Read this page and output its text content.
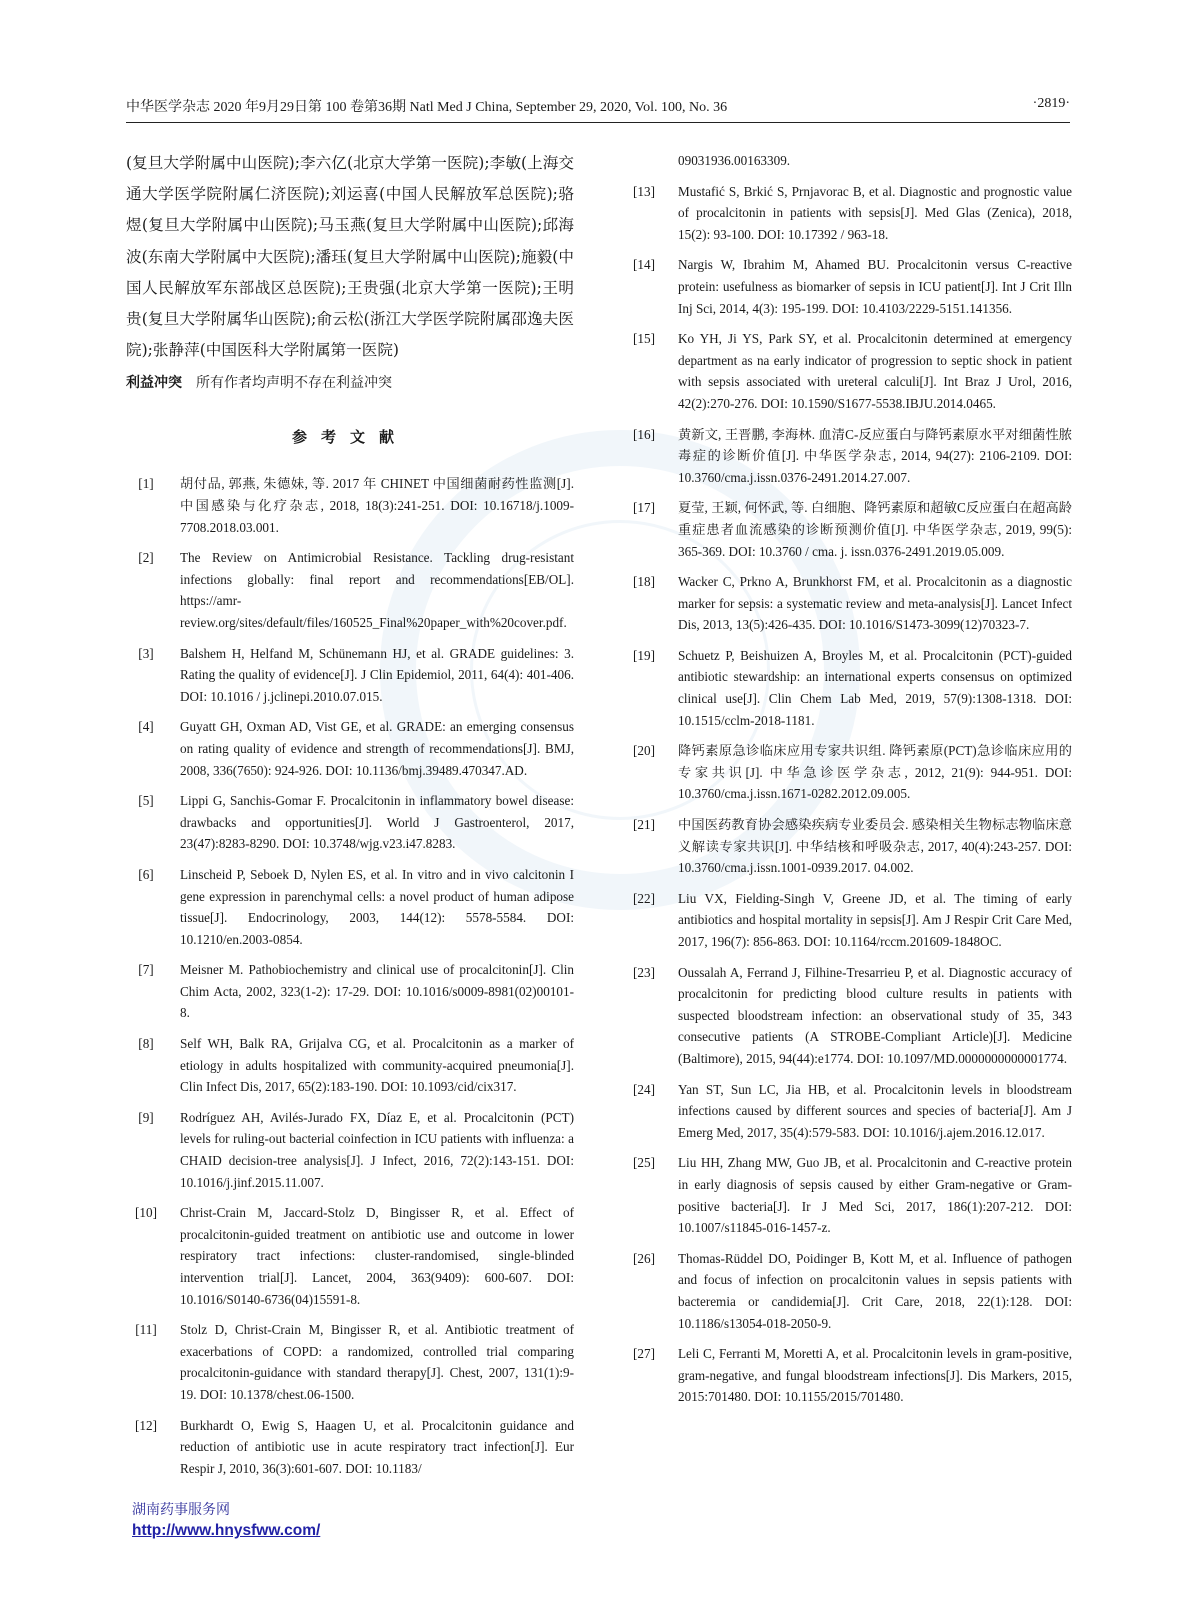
中华医学杂志 2020 年9月29日第 100 卷第36期 Natl Med J China, September 29, 2020, Vol. 100, No. 36	·2819·

(复旦大学附属中山医院);李六亿(北京大学第一医院);李敏(上海交通大学医学院附属仁济医院);刘运喜(中国人民解放军总医院);骆煜(复旦大学附属中山医院);马玉燕(复旦大学附属中山医院);邱海波(东南大学附属中大医院);潘珏(复旦大学附属中山医院);施毅(中国人民解放军东部战区总医院);王贵强(北京大学第一医院);王明贵(复旦大学附属华山医院);俞云松(浙江大学医学院附属邵逸夫医院);张静萍(中国医科大学附属第一医院)

利益冲突 所有作者均声明不存在利益冲突

参考文献
[1]	胡付品, 郭燕, 朱德妹, 等. 2017 年 CHINET 中国细菌耐药性监测[J]. 中国感染与化疗杂志, 2018, 18(3):241-251. DOI: 10.16718/j.1009-7708.2018.03.001.
[2]	The Review on Antimicrobial Resistance. Tackling drug-resistant infections globally: final report and recommendations[EB/OL]. https://amr-review.org/sites/default/files/160525_Final%20paper_with%20cover.pdf.
[3]	Balshem H, Helfand M, Schünemann HJ, et al. GRADE guidelines: 3. Rating the quality of evidence[J]. J Clin Epidemiol, 2011, 64(4): 401-406. DOI: 10.1016 / j.jclinepi.2010.07.015.
[4]	Guyatt GH, Oxman AD, Vist GE, et al. GRADE: an emerging consensus on rating quality of evidence and strength of recommendations[J]. BMJ, 2008, 336(7650): 924-926. DOI: 10.1136/bmj.39489.470347.AD.
[5]	Lippi G, Sanchis-Gomar F. Procalcitonin in inflammatory bowel disease: drawbacks and opportunities[J]. World J Gastroenterol, 2017, 23(47):8283-8290. DOI: 10.3748/wjg.v23.i47.8283.
[6]	Linscheid P, Seboek D, Nylen ES, et al. In vitro and in vivo calcitonin I gene expression in parenchymal cells: a novel product of human adipose tissue[J]. Endocrinology, 2003, 144(12): 5578-5584. DOI: 10.1210/en.2003-0854.
[7]	Meisner M. Pathobiochemistry and clinical use of procalcitonin[J]. Clin Chim Acta, 2002, 323(1-2): 17-29. DOI: 10.1016/s0009-8981(02)00101-8.
[8]	Self WH, Balk RA, Grijalva CG, et al. Procalcitonin as a marker of etiology in adults hospitalized with community-acquired pneumonia[J]. Clin Infect Dis, 2017, 65(2):183-190. DOI: 10.1093/cid/cix317.
[9]	Rodríguez AH, Avilés-Jurado FX, Díaz E, et al. Procalcitonin (PCT) levels for ruling-out bacterial coinfection in ICU patients with influenza: a CHAID decision-tree analysis[J]. J Infect, 2016, 72(2):143-151. DOI: 10.1016/j.jinf.2015.11.007.
[10]	Christ-Crain M, Jaccard-Stolz D, Bingisser R, et al. Effect of procalcitonin-guided treatment on antibiotic use and outcome in lower respiratory tract infections: cluster-randomised, single-blinded intervention trial[J]. Lancet, 2004, 363(9409): 600-607. DOI: 10.1016/S0140-6736(04)15591-8.
[11]	Stolz D, Christ-Crain M, Bingisser R, et al. Antibiotic treatment of exacerbations of COPD: a randomized, controlled trial comparing procalcitonin-guidance with standard therapy[J]. Chest, 2007, 131(1):9-19. DOI: 10.1378/chest.06-1500.
[12]	Burkhardt O, Ewig S, Haagen U, et al. Procalcitonin guidance and reduction of antibiotic use in acute respiratory tract infection[J]. Eur Respir J, 2010, 36(3):601-607. DOI: 10.1183/
09031936.00163309.
[13]	Mustafić S, Brkić S, Prnjavorac B, et al. Diagnostic and prognostic value of procalcitonin in patients with sepsis[J]. Med Glas (Zenica), 2018, 15(2): 93-100. DOI: 10.17392 / 963-18.
[14]	Nargis W, Ibrahim M, Ahamed BU. Procalcitonin versus C-reactive protein: usefulness as biomarker of sepsis in ICU patient[J]. Int J Crit Illn Inj Sci, 2014, 4(3): 195-199. DOI: 10.4103/2229-5151.141356.
[15]	Ko YH, Ji YS, Park SY, et al. Procalcitonin determined at emergency department as na early indicator of progression to septic shock in patient with sepsis associated with ureteral calculi[J]. Int Braz J Urol, 2016, 42(2):270-276. DOI: 10.1590/S1677-5538.IBJU.2014.0465.
[16]	黄新文, 王晋鹏, 李海林. 血清C-反应蛋白与降钙素原水平对细菌性脓毒症的诊断价值[J]. 中华医学杂志, 2014, 94(27): 2106-2109. DOI: 10.3760/cma.j.issn.0376-2491.2014.27.007.
[17]	夏莹, 王颖, 何怀武, 等. 白细胞、降钙素原和超敏C反应蛋白在超高龄重症患者血流感染的诊断预测价值[J]. 中华医学杂志, 2019, 99(5): 365-369. DOI: 10.3760 / cma. j. issn.0376-2491.2019.05.009.
[18]	Wacker C, Prkno A, Brunkhorst FM, et al. Procalcitonin as a diagnostic marker for sepsis: a systematic review and meta-analysis[J]. Lancet Infect Dis, 2013, 13(5):426-435. DOI: 10.1016/S1473-3099(12)70323-7.
[19]	Schuetz P, Beishuizen A, Broyles M, et al. Procalcitonin (PCT)-guided antibiotic stewardship: an international experts consensus on optimized clinical use[J]. Clin Chem Lab Med, 2019, 57(9):1308-1318. DOI: 10.1515/cclm-2018-1181.
[20]	降钙素原急诊临床应用专家共识组. 降钙素原(PCT)急诊临床应用的专家共识[J]. 中华急诊医学杂志, 2012, 21(9): 944-951. DOI: 10.3760/cma.j.issn.1671-0282.2012.09.005.
[21]	中国医药教育协会感染疾病专业委员会. 感染相关生物标志物临床意义解读专家共识[J]. 中华结核和呼吸杂志, 2017, 40(4):243-257. DOI: 10.3760/cma.j.issn.1001-0939.2017. 04.002.
[22]	Liu VX, Fielding-Singh V, Greene JD, et al. The timing of early antibiotics and hospital mortality in sepsis[J]. Am J Respir Crit Care Med, 2017, 196(7): 856-863. DOI: 10.1164/rccm.201609-1848OC.
[23]	Oussalah A, Ferrand J, Filhine-Tresarrieu P, et al. Diagnostic accuracy of procalcitonin for predicting blood culture results in patients with suspected bloodstream infection: an observational study of 35, 343 consecutive patients (A STROBE-Compliant Article)[J]. Medicine (Baltimore), 2015, 94(44):e1774. DOI: 10.1097/MD.0000000000001774.
[24]	Yan ST, Sun LC, Jia HB, et al. Procalcitonin levels in bloodstream infections caused by different sources and species of bacteria[J]. Am J Emerg Med, 2017, 35(4):579-583. DOI: 10.1016/j.ajem.2016.12.017.
[25]	Liu HH, Zhang MW, Guo JB, et al. Procalcitonin and C-reactive protein in early diagnosis of sepsis caused by either Gram-negative or Gram-positive bacteria[J]. Ir J Med Sci, 2017, 186(1):207-212. DOI: 10.1007/s11845-016-1457-z.
[26]	Thomas-Rüddel DO, Poidinger B, Kott M, et al. Influence of pathogen and focus of infection on procalcitonin values in sepsis patients with bacteremia or candidemia[J]. Crit Care, 2018, 22(1):128. DOI: 10.1186/s13054-018-2050-9.
[27]	Leli C, Ferranti M, Moretti A, et al. Procalcitonin levels in gram-positive, gram-negative, and fungal bloodstream infections[J]. Dis Markers, 2015, 2015:701480. DOI: 10.1155/2015/701480.
湖南药事服务网
http://www.hnysfww.com/
